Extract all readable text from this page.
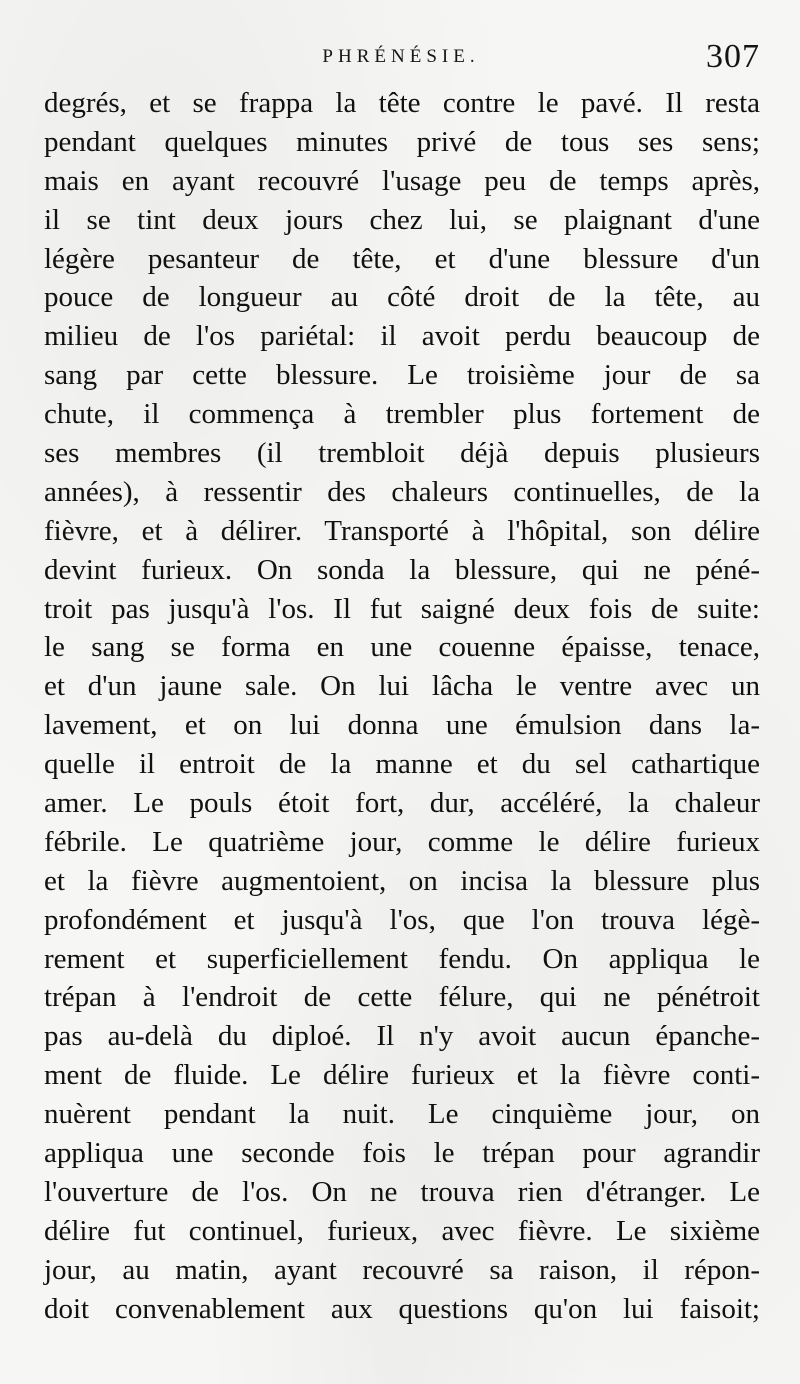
PHRÉNÉSIE.	307
degrés, et se frappa la tête contre le pavé. Il resta
pendant quelques minutes privé de tous ses sens;
mais en ayant recouvré l'usage peu de temps après,
il se tint deux jours chez lui, se plaignant d'une
légère pesanteur de tête, et d'une blessure d'un
pouce de longueur au côté droit de la tête, au
milieu de l'os pariétal: il avoit perdu beaucoup de
sang par cette blessure. Le troisième jour de sa
chute, il commença à trembler plus fortement de
ses membres (il trembloit déjà depuis plusieurs
années), à ressentir des chaleurs continuelles, de la
fièvre, et à délirer. Transporté à l'hôpital, son délire
devint furieux. On sonda la blessure, qui ne péné-
troit pas jusqu'à l'os. Il fut saigné deux fois de suite:
le sang se forma en une couenne épaisse, tenace,
et d'un jaune sale. On lui lâcha le ventre avec un
lavement, et on lui donna une émulsion dans la-
quelle il entroit de la manne et du sel cathartique
amer. Le pouls étoit fort, dur, accéléré, la chaleur
fébrile. Le quatrième jour, comme le délire furieux
et la fièvre augmentoient, on incisa la blessure plus
profondément et jusqu'à l'os, que l'on trouva légè-
rement et superficiellement fendu. On appliqua le
trépan à l'endroit de cette félure, qui ne pénétroit
pas au-delà du diploé. Il n'y avoit aucun épanche-
ment de fluide. Le délire furieux et la fièvre conti-
nuèrent pendant la nuit. Le cinquième jour, on
appliqua une seconde fois le trépan pour agrandir
l'ouverture de l'os. On ne trouva rien d'étranger. Le
délire fut continuel, furieux, avec fièvre. Le sixième
jour, au matin, ayant recouvré sa raison, il répon-
doit convenablement aux questions qu'on lui faisoit;
